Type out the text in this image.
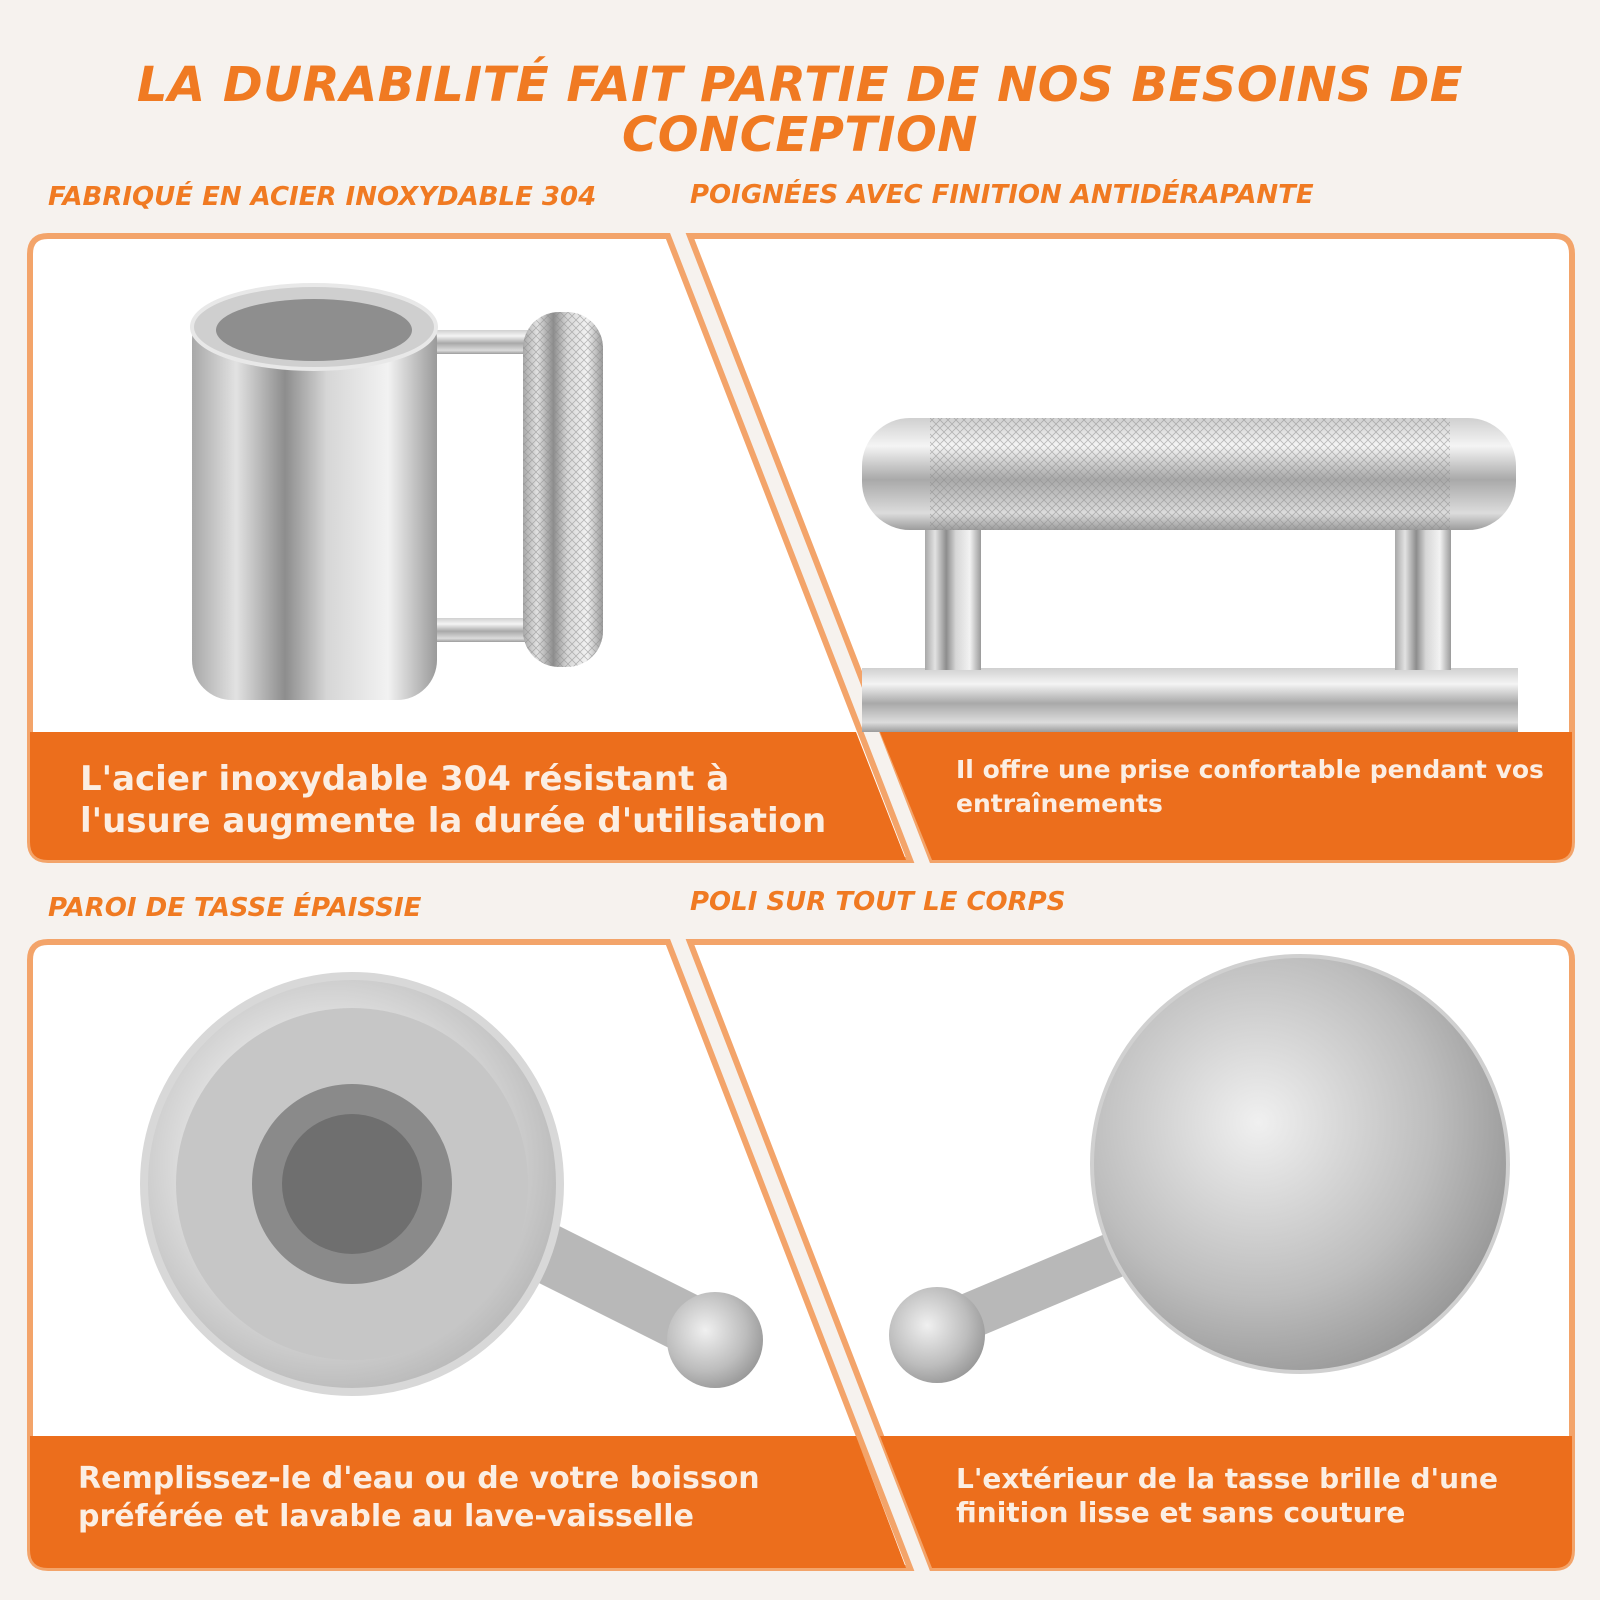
LA DURABILITÉ FAIT PARTIE DE NOS BESOINS DE
CONCEPTION
FABRIQUÉ EN ACIER INOXYDABLE 304	POIGNÉES AVEC FINITION ANTIDÉRAPANTE
PAROI DE TASSE ÉPAISSIE	POLI SUR TOUT LE CORPS

L'acier inoxydable 304 résistant à
l'usure augmente la durée d'utilisation

Il offre une prise confortable pendant vos
entraînements

Remplissez-le d'eau ou de votre boisson
préférée et lavable au lave-vaisselle

L'extérieur de la tasse brille d'une
finition lisse et sans couture
